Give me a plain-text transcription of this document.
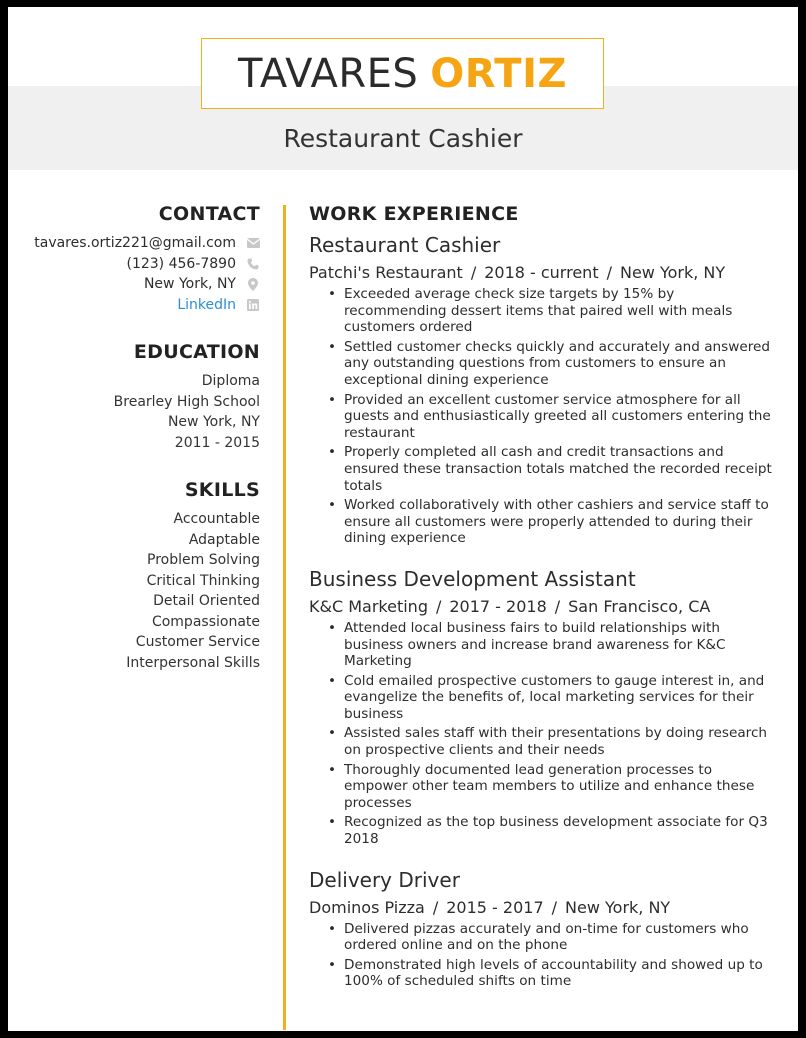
TAVARES ORTIZ
Restaurant Cashier
CONTACT
tavares.ortiz221@gmail.com
(123) 456-7890
New York, NY
LinkedIn
EDUCATION
Diploma
Brearley High School
New York, NY
2011 - 2015
SKILLS
Accountable
Adaptable
Problem Solving
Critical Thinking
Detail Oriented
Compassionate
Customer Service
Interpersonal Skills
WORK EXPERIENCE
Restaurant Cashier
Patchi's Restaurant / 2018 - current / New York, NY
• Exceeded average check size targets by 15% by recommending dessert items that paired well with meals customers ordered
• Settled customer checks quickly and accurately and answered any outstanding questions from customers to ensure an exceptional dining experience
• Provided an excellent customer service atmosphere for all guests and enthusiastically greeted all customers entering the restaurant
• Properly completed all cash and credit transactions and ensured these transaction totals matched the recorded receipt totals
• Worked collaboratively with other cashiers and service staff to ensure all customers were properly attended to during their dining experience
Business Development Assistant
K&C Marketing / 2017 - 2018 / San Francisco, CA
• Attended local business fairs to build relationships with business owners and increase brand awareness for K&C Marketing
• Cold emailed prospective customers to gauge interest in, and evangelize the benefits of, local marketing services for their business
• Assisted sales staff with their presentations by doing research on prospective clients and their needs
• Thoroughly documented lead generation processes to empower other team members to utilize and enhance these processes
• Recognized as the top business development associate for Q3 2018
Delivery Driver
Dominos Pizza / 2015 - 2017 / New York, NY
• Delivered pizzas accurately and on-time for customers who ordered online and on the phone
• Demonstrated high levels of accountability and showed up to 100% of scheduled shifts on time
